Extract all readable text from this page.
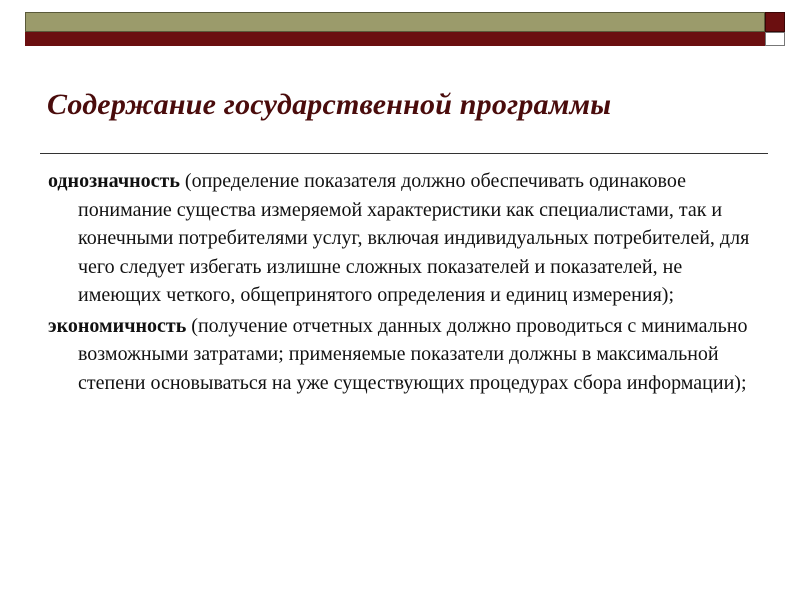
Содержание государственной программы

однозначность (определение показателя должно обеспечивать одинаковое понимание существа измеряемой характеристики как специалистами, так и конечными потребителями услуг, включая индивидуальных потребителей, для чего следует избегать излишне сложных показателей и показателей, не имеющих четкого, общепринятого определения и единиц измерения);

экономичность (получение отчетных данных должно проводиться с минимально возможными затратами; применяемые показатели должны в максимальной степени основываться на уже существующих процедурах сбора информации);
